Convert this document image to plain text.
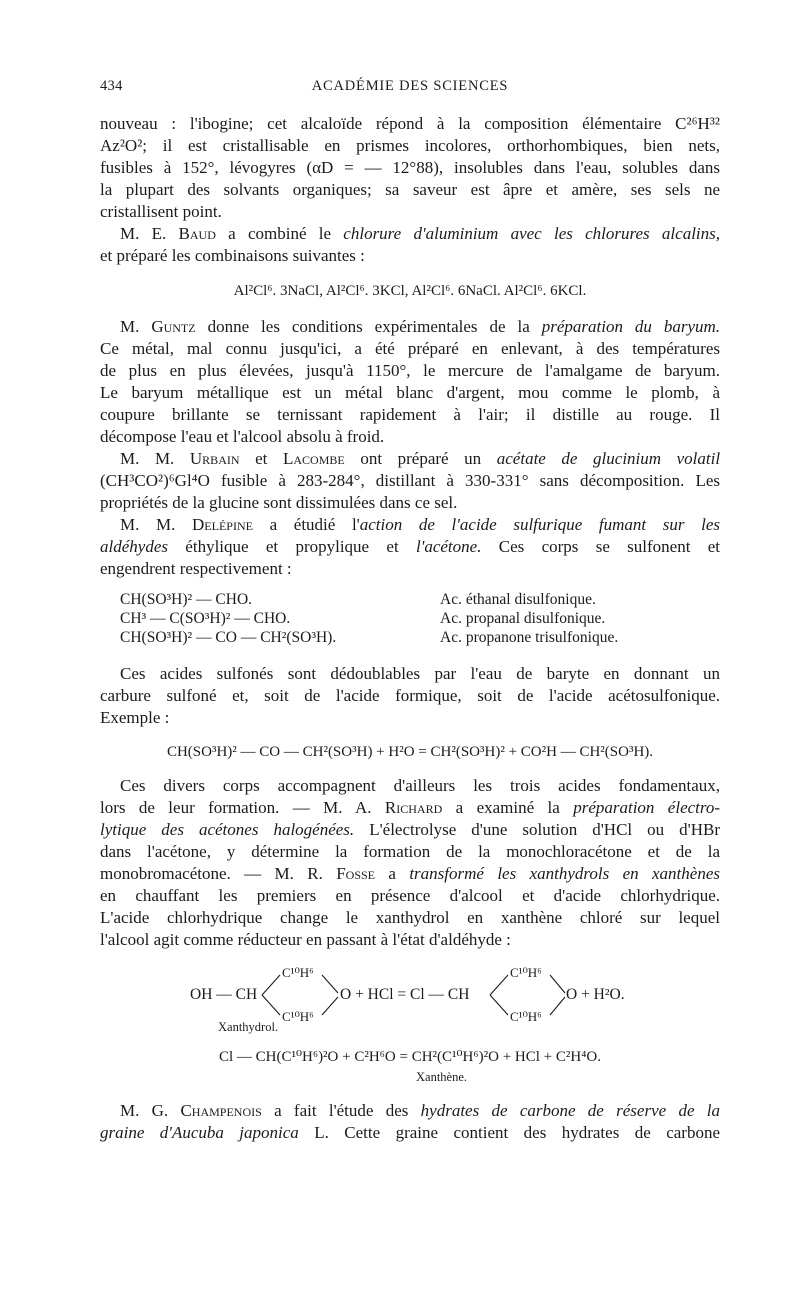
434	ACADÉMIE DES SCIENCES
nouveau : l'ibogine; cet alcaloïde répond à la composition élémentaire C²⁶H³²
Az²O²; il est cristallisable en prismes incolores, orthorhombiques, bien nets,
fusibles à 152°, lévogyres (αD = — 12°88), insolubles dans l'eau, solubles dans
la plupart des solvants organiques; sa saveur est âpre et amère, ses sels ne
cristallisent point.
M. E. Baud a combiné le chlorure d'aluminium avec les chlorures alcalins,
et préparé les combinaisons suivantes :
Al²Cl⁶. 3NaCl, Al²Cl⁶. 3KCl, Al²Cl⁶. 6NaCl. Al²Cl⁶. 6KCl.
M. Guntz donne les conditions expérimentales de la préparation du baryum.
Ce métal, mal connu jusqu'ici, a été préparé en enlevant, à des températures
de plus en plus élevées, jusqu'à 1150°, le mercure de l'amalgame de baryum.
Le baryum métallique est un métal blanc d'argent, mou comme le plomb, à
coupure brillante se ternissant rapidement à l'air; il distille au rouge. Il
décompose l'eau et l'alcool absolu à froid.
M. M. Urbain et Lacombe ont préparé un acétate de glucinium volatil
(CH³CO²)⁶Gl⁴O fusible à 283-284°, distillant à 330-331° sans décomposition. Les
propriétés de la glucine sont dissimulées dans ce sel.
M. M. Delépine a étudié l'action de l'acide sulfurique fumant sur les
aldéhydes éthylique et propylique et l'acétone. Ces corps se sulfonent et
engendrent respectivement :
CH(SO³H)² — CHO.	Ac. éthanal disulfonique.
CH³ — C(SO³H)² — CHO.	Ac. propanal disulfonique.
CH(SO³H)² — CO — CH²(SO³H).	Ac. propanone trisulfonique.
Ces acides sulfonés sont dédoublables par l'eau de baryte en donnant un
carbure sulfoné et, soit de l'acide formique, soit de l'acide acétosulfonique.
Exemple :
CH(SO³H)² — CO — CH²(SO³H) + H²O = CH²(SO³H)² + CO²H — CH²(SO³H).
Ces divers corps accompagnent d'ailleurs les trois acides fondamentaux,
lors de leur formation. — M. A. Richard a examiné la préparation électro-
lytique des acétones halogénées. L'électrolyse d'une solution d'HCl ou d'HBr
dans l'acétone, y détermine la formation de la monochloracétone et de la
monobromacétone. — M. R. Fosse a transformé les xanthydrols en xanthènes
en chauffant les premiers en présence d'alcool et d'acide chlorhydrique.
L'acide chlorhydrique change le xanthydrol en xanthène chloré sur lequel
l'alcool agit comme réducteur en passant à l'état d'aldéhyde :
OH — CH
C¹⁰H⁶
C¹⁰H⁶
O + HCl = Cl — CH
C¹⁰H⁶
C¹⁰H⁶
O + H²O.
Xanthydrol.
Cl — CH(C¹⁰H⁶)²O + C²H⁶O = CH²(C¹⁰H⁶)²O + HCl + C²H⁴O.
Xanthène.
M. G. Champenois a fait l'étude des hydrates de carbone de réserve de la
graine d'Aucuba japonica L. Cette graine contient des hydrates de carbone
